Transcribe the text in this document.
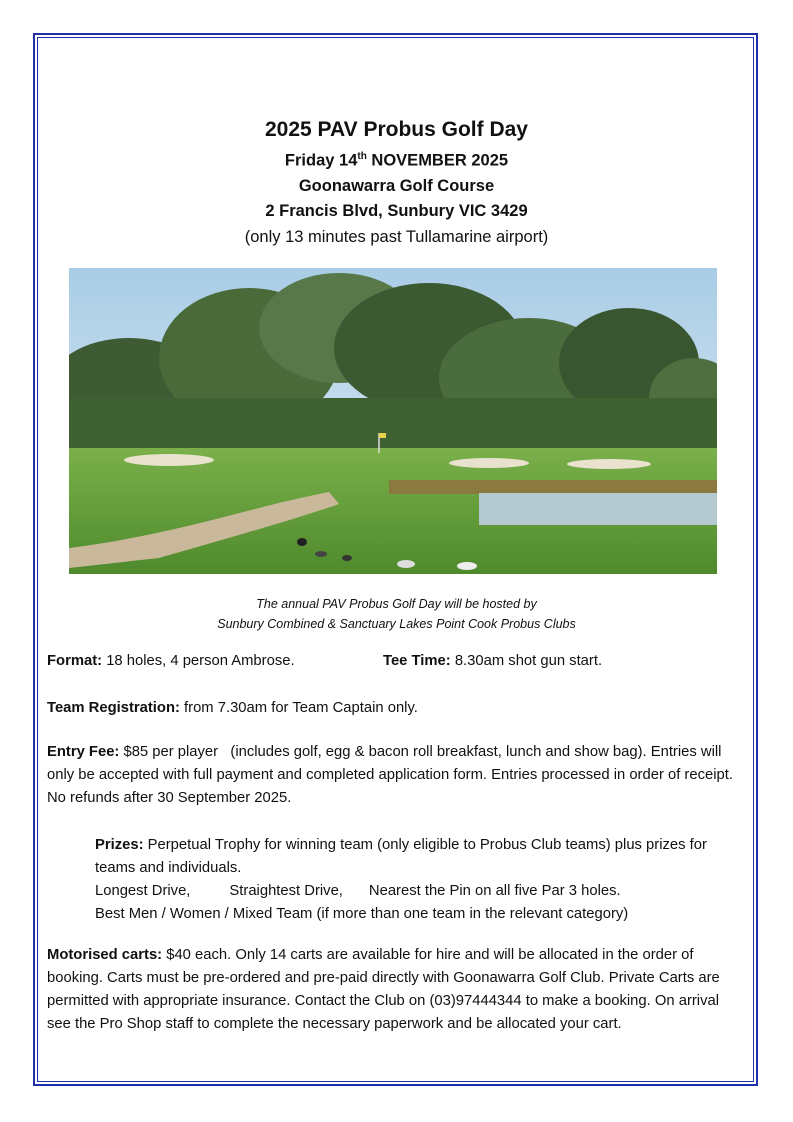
2025 PAV Probus Golf Day
Friday 14th NOVEMBER 2025
Goonawarra Golf Course
2 Francis Blvd, Sunbury VIC 3429
(only 13 minutes past Tullamarine airport)
The annual PAV Probus Golf Day will be hosted by
Sunbury Combined & Sanctuary Lakes Point Cook Probus Clubs
Format: 18 holes, 4 person Ambrose.	Tee Time: 8.30am shot gun start.
Team Registration: from 7.30am for Team Captain only.
Entry Fee: $85 per player   (includes golf, egg & bacon roll breakfast, lunch and show bag). Entries will only be accepted with full payment and completed application form. Entries processed in order of receipt. No refunds after 30 September 2025.
Prizes: Perpetual Trophy for winning team (only eligible to Probus Club teams) plus prizes for teams and individuals.
Longest Drive,	Straightest Drive, Nearest the Pin on all five Par 3 holes.
Best Men / Women / Mixed Team (if more than one team in the relevant category)
Motorised carts: $40 each. Only 14 carts are available for hire and will be allocated in the order of booking. Carts must be pre-ordered and pre-paid directly with Goonawarra Golf Club. Private Carts are permitted with appropriate insurance. Contact the Club on (03)97444344 to make a booking. On arrival see the Pro Shop staff to complete the necessary paperwork and be allocated your cart.
